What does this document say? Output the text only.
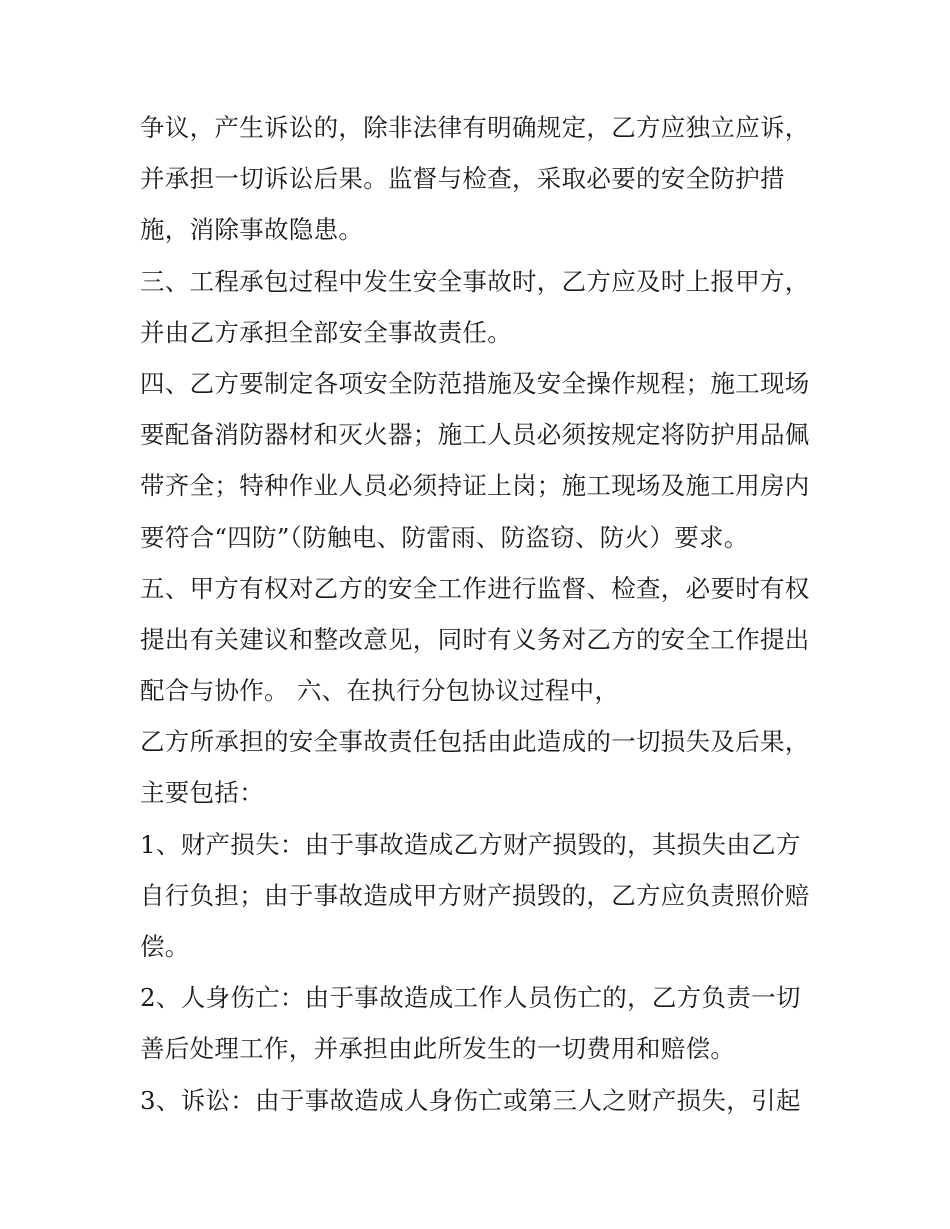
争议，产生诉讼的，除非法律有明确规定，乙方应独立应诉，
并承担一切诉讼后果。监督与检查，采取必要的安全防护措
施，消除事故隐患。
三、工程承包过程中发生安全事故时，乙方应及时上报甲方，
并由乙方承担全部安全事故责任。
四、乙方要制定各项安全防范措施及安全操作规程；施工现场
要配备消防器材和灭火器；施工人员必须按规定将防护用品佩
带齐全；特种作业人员必须持证上岗；施工现场及施工用房内
要符合“四防”（防触电、防雷雨、防盗窃、防火）要求。
五、甲方有权对乙方的安全工作进行监督、检查，必要时有权
提出有关建议和整改意见，同时有义务对乙方的安全工作提出
配合与协作。 六、在执行分包协议过程中，
乙方所承担的安全事故责任包括由此造成的一切损失及后果，
主要包括：
1、财产损失：由于事故造成乙方财产损毁的，其损失由乙方
自行负担；由于事故造成甲方财产损毁的，乙方应负责照价赔
偿。
2、人身伤亡：由于事故造成工作人员伤亡的，乙方负责一切
善后处理工作，并承担由此所发生的一切费用和赔偿。
3、诉讼：由于事故造成人身伤亡或第三人之财产损失，引起
